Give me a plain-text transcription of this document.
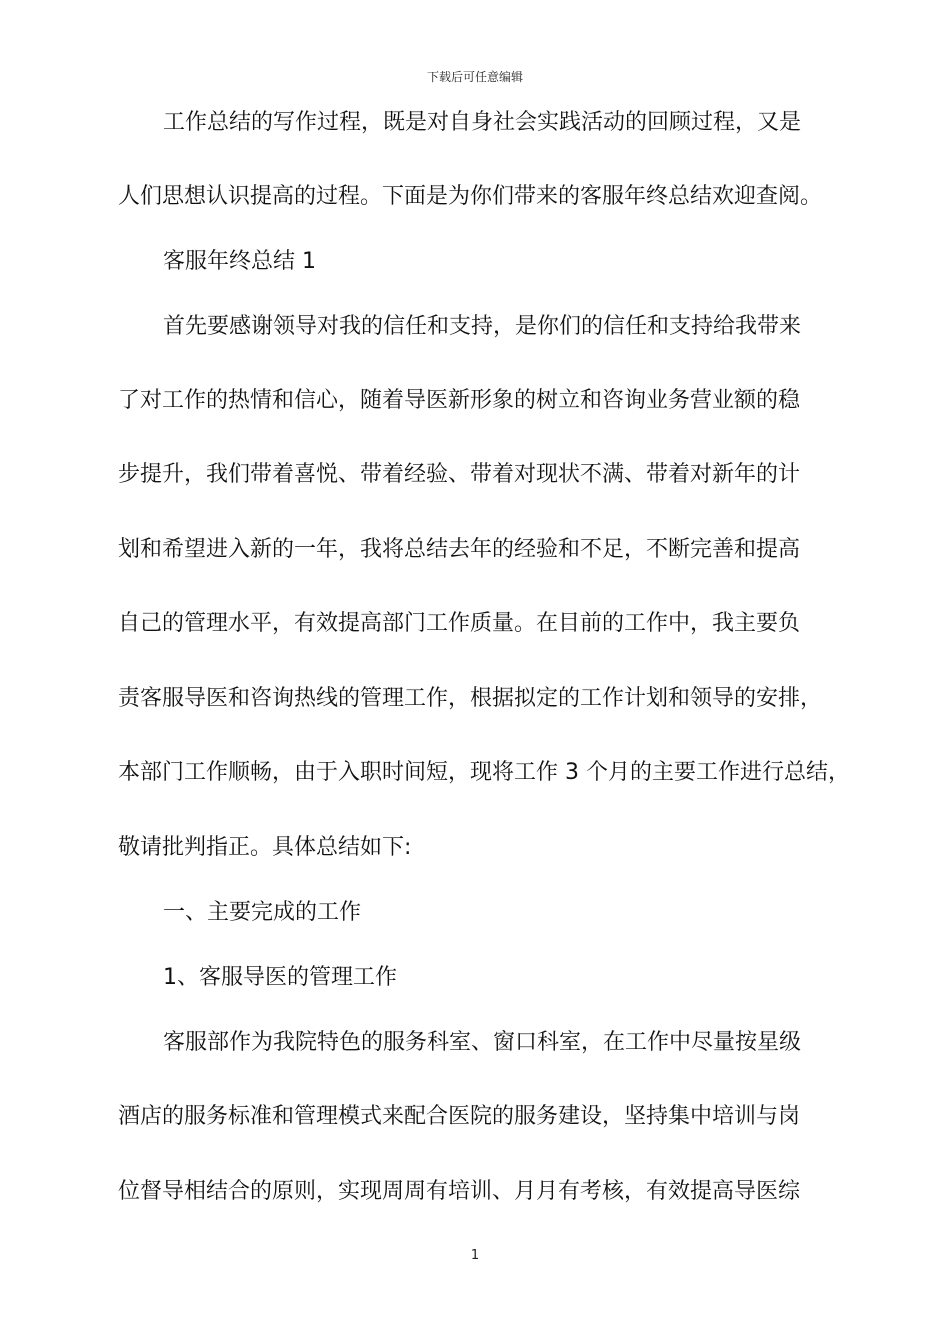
下载后可任意编辑
工作总结的写作过程，既是对自身社会实践活动的回顾过程，又是
人们思想认识提高的过程。下面是为你们带来的客服年终总结欢迎查阅。
客服年终总结 1
首先要感谢领导对我的信任和支持，是你们的信任和支持给我带来
了对工作的热情和信心，随着导医新形象的树立和咨询业务营业额的稳
步提升，我们带着喜悦、带着经验、带着对现状不满、带着对新年的计
划和希望进入新的一年，我将总结去年的经验和不足，不断完善和提高
自己的管理水平，有效提高部门工作质量。在目前的工作中，我主要负
责客服导医和咨询热线的管理工作，根据拟定的工作计划和领导的安排，
本部门工作顺畅，由于入职时间短，现将工作 3 个月的主要工作进行总结，
敬请批判指正。具体总结如下:
一、主要完成的工作
1、客服导医的管理工作
客服部作为我院特色的服务科室、窗口科室，在工作中尽量按星级
酒店的服务标准和管理模式来配合医院的服务建设，坚持集中培训与岗
位督导相结合的原则，实现周周有培训、月月有考核，有效提高导医综
1
